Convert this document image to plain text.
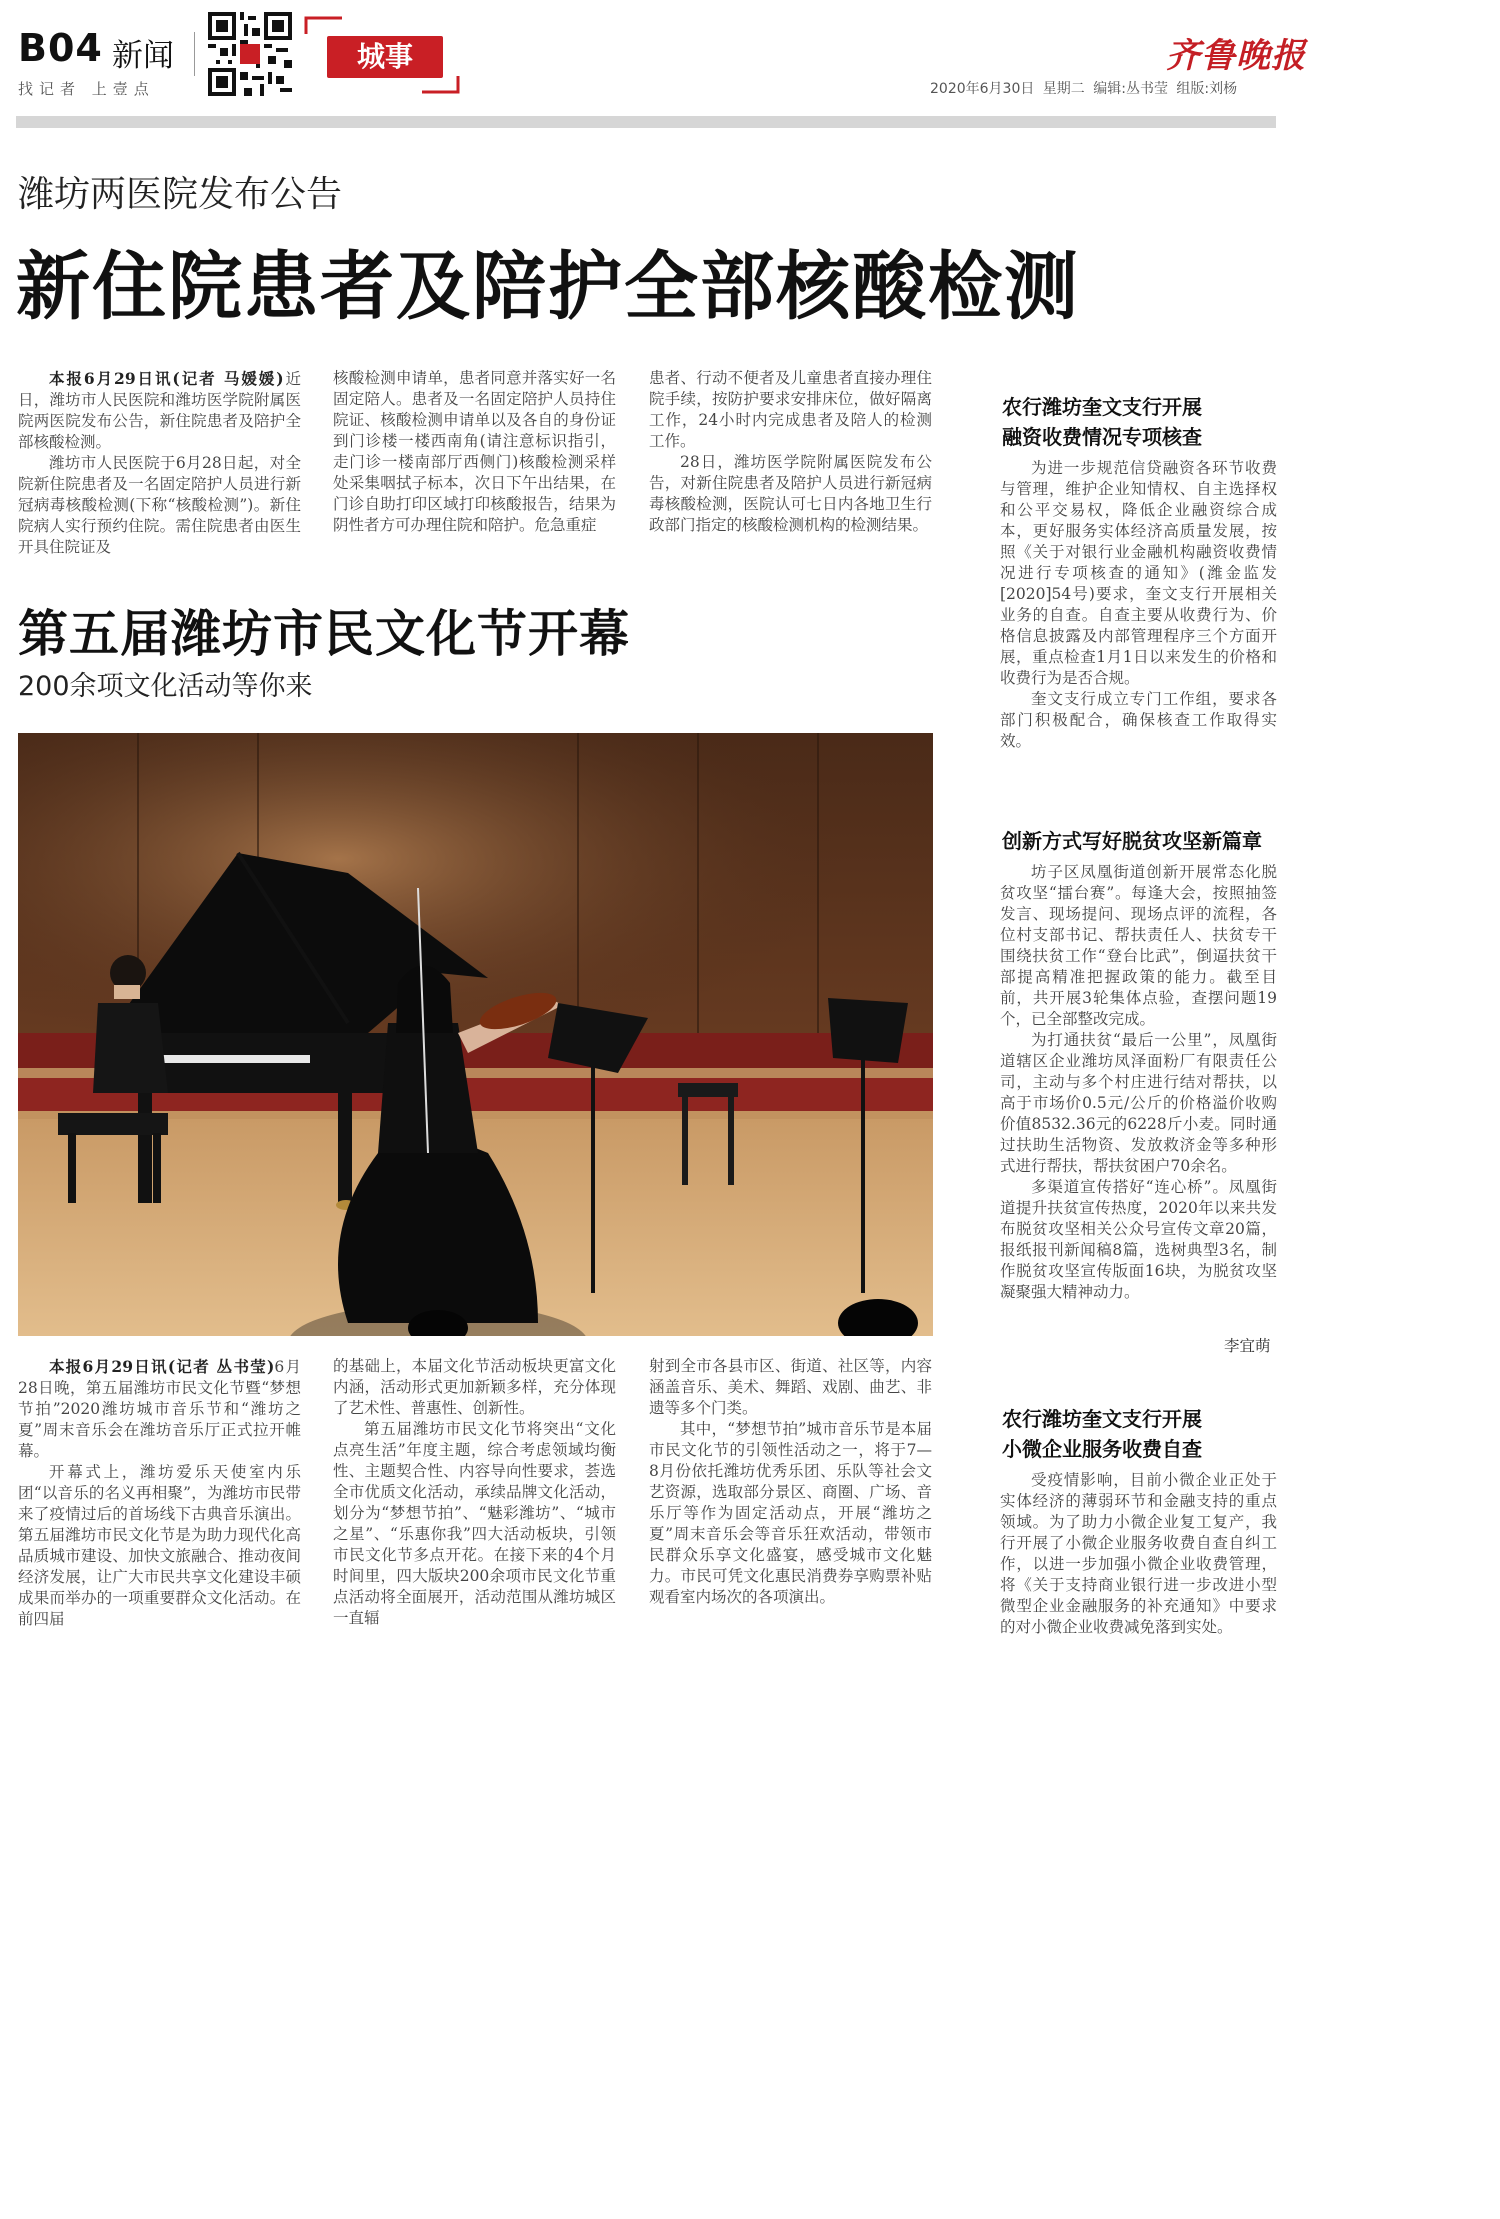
B04 新闻
找记者 上壹点
城事	齐鲁晚报
2020年6月30日 星期二 编辑:丛书莹 组版:刘杨
潍坊两医院发布公告
新住院患者及陪护全部核酸检测

本报6月29日讯(记者 马媛媛)近日，潍坊市人民医院和潍坊医学院附属医院两医院发布公告，新住院患者及陪护全部核酸检测。

潍坊市人民医院于6月28日起，对全院新住院患者及一名固定陪护人员进行新冠病毒核酸检测(下称“核酸检测”)。新住院病人实行预约住院。需住院患者由医生开具住院证及

核酸检测申请单，患者同意并落实好一名固定陪人。患者及一名固定陪护人员持住院证、核酸检测申请单以及各自的身份证到门诊楼一楼西南角(请注意标识指引，走门诊一楼南部厅西侧门)核酸检测采样处采集咽拭子标本，次日下午出结果，在门诊自助打印区域打印核酸报告，结果为阴性者方可办理住院和陪护。危急重症

患者、行动不便者及儿童患者直接办理住院手续，按防护要求安排床位，做好隔离工作，24小时内完成患者及陪人的检测工作。

28日，潍坊医学院附属医院发布公告，对新住院患者及陪护人员进行新冠病毒核酸检测，医院认可七日内各地卫生行政部门指定的核酸检测机构的检测结果。

第五届潍坊市民文化节开幕
200余项文化活动等你来

本报6月29日讯(记者 丛书莹)6月28日晚，第五届潍坊市民文化节暨“梦想节拍”2020潍坊城市音乐节和“潍坊之夏”周末音乐会在潍坊音乐厅正式拉开帷幕。

开幕式上，潍坊爱乐天使室内乐团“以音乐的名义再相聚”，为潍坊市民带来了疫情过后的首场线下古典音乐演出。第五届潍坊市民文化节是为助力现代化高品质城市建设、加快文旅融合、推动夜间经济发展，让广大市民共享文化建设丰硕成果而举办的一项重要群众文化活动。在前四届

的基础上，本届文化节活动板块更富文化内涵，活动形式更加新颖多样，充分体现了艺术性、普惠性、创新性。

第五届潍坊市民文化节将突出“文化点亮生活”年度主题，综合考虑领域均衡性、主题契合性、内容导向性要求，荟选全市优质文化活动，承续品牌文化活动，划分为“梦想节拍”、“魅彩潍坊”、“城市之星”、“乐惠你我”四大活动板块，引领市民文化节多点开花。在接下来的4个月时间里，四大版块200余项市民文化节重点活动将全面展开，活动范围从潍坊城区一直辐

射到全市各县市区、街道、社区等，内容涵盖音乐、美术、舞蹈、戏剧、曲艺、非遗等多个门类。

其中，“梦想节拍”城市音乐节是本届市民文化节的引领性活动之一，将于7—8月份依托潍坊优秀乐团、乐队等社会文艺资源，选取部分景区、商圈、广场、音乐厅等作为固定活动点，开展“潍坊之夏”周末音乐会等音乐狂欢活动，带领市民群众乐享文化盛宴，感受城市文化魅力。市民可凭文化惠民消费券享购票补贴观看室内场次的各项演出。

农行潍坊奎文支行开展
融资收费情况专项核查

为进一步规范信贷融资各环节收费与管理，维护企业知情权、自主选择权和公平交易权，降低企业融资综合成本，更好服务实体经济高质量发展，按照《关于对银行业金融机构融资收费情况进行专项核查的通知》(潍金监发[2020]54号)要求，奎文支行开展相关业务的自查。自查主要从收费行为、价格信息披露及内部管理程序三个方面开展，重点检查1月1日以来发生的价格和收费行为是否合规。

奎文支行成立专门工作组，要求各部门积极配合，确保核查工作取得实效。

创新方式写好脱贫攻坚新篇章

坊子区凤凰街道创新开展常态化脱贫攻坚“擂台赛”。每逢大会，按照抽签发言、现场提问、现场点评的流程，各位村支部书记、帮扶责任人、扶贫专干围绕扶贫工作“登台比武”，倒逼扶贫干部提高精准把握政策的能力。截至目前，共开展3轮集体点验，查摆问题19个，已全部整改完成。

为打通扶贫“最后一公里”，凤凰街道辖区企业潍坊凤泽面粉厂有限责任公司，主动与多个村庄进行结对帮扶，以高于市场价0.5元/公斤的价格溢价收购价值8532.36元的6228斤小麦。同时通过扶助生活物资、发放救济金等多种形式进行帮扶，帮扶贫困户70余名。

多渠道宣传搭好“连心桥”。凤凰街道提升扶贫宣传热度，2020年以来共发布脱贫攻坚相关公众号宣传文章20篇，报纸报刊新闻稿8篇，选树典型3名，制作脱贫攻坚宣传版面16块，为脱贫攻坚凝聚强大精神动力。

李宜萌
农行潍坊奎文支行开展
小微企业服务收费自查

受疫情影响，目前小微企业正处于实体经济的薄弱环节和金融支持的重点领域。为了助力小微企业复工复产，我行开展了小微企业服务收费自查自纠工作，以进一步加强小微企业收费管理，将《关于支持商业银行进一步改进小型微型企业金融服务的补充通知》中要求的对小微企业收费减免落到实处。
